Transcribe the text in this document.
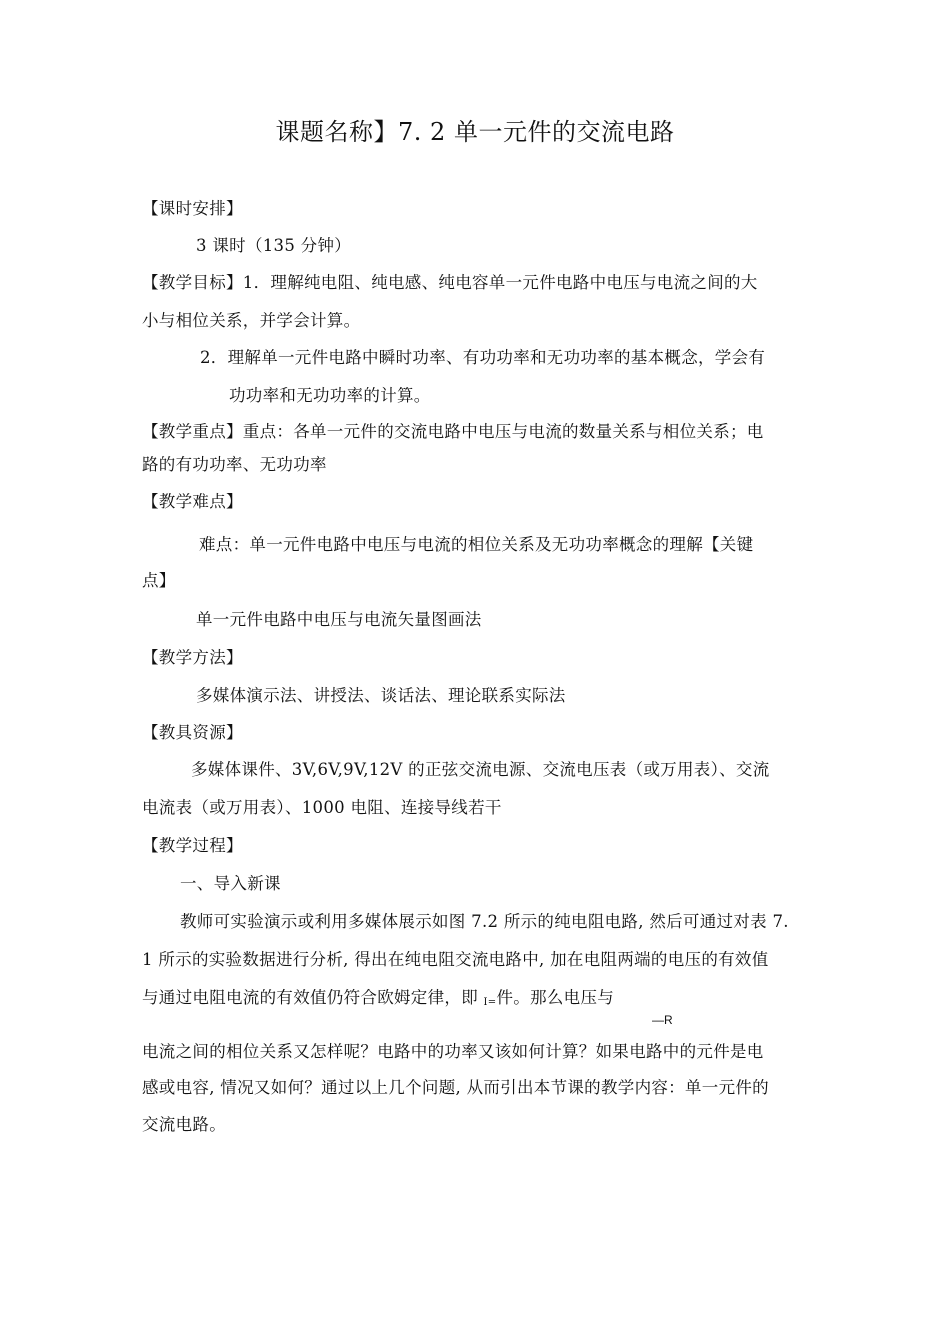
课题名称】7. 2 单一元件的交流电路
【课时安排】
3 课时（135 分钟）
【教学目标】1．理解纯电阻、纯电感、纯电容单一元件电路中电压与电流之间的大
小与相位关系，并学会计算。
2．理解单一元件电路中瞬时功率、有功功率和无功功率的基本概念，学会有
功功率和无功功率的计算。
【教学重点】重点：各单一元件的交流电路中电压与电流的数量关系与相位关系；电
路的有功功率、无功功率
【教学难点】
难点：单一元件电路中电压与电流的相位关系及无功功率概念的理解【关键
点】
单一元件电路中电压与电流矢量图画法
【教学方法】
多媒体演示法、讲授法、谈话法、理论联系实际法
【教具资源】
多媒体课件、3V,6V,9V,12V 的正弦交流电源、交流电压表（或万用表）、交流
电流表（或万用表）、1000 电阻、连接导线若干
【教学过程】
一、导入新课
教师可实验演示或利用多媒体展示如图 7.2 所示的纯电阻电路, 然后可通过对表 7.
1 所示的实验数据进行分析, 得出在纯电阻交流电路中, 加在电阻两端的电压的有效值
与通过电阻电流的有效值仍符合欧姆定律，即 I=件。那么电压与
—R
电流之间的相位关系又怎样呢？电路中的功率又该如何计算？如果电路中的元件是电
感或电容, 情况又如何？通过以上几个问题, 从而引出本节课的教学内容：单一元件的
交流电路。
